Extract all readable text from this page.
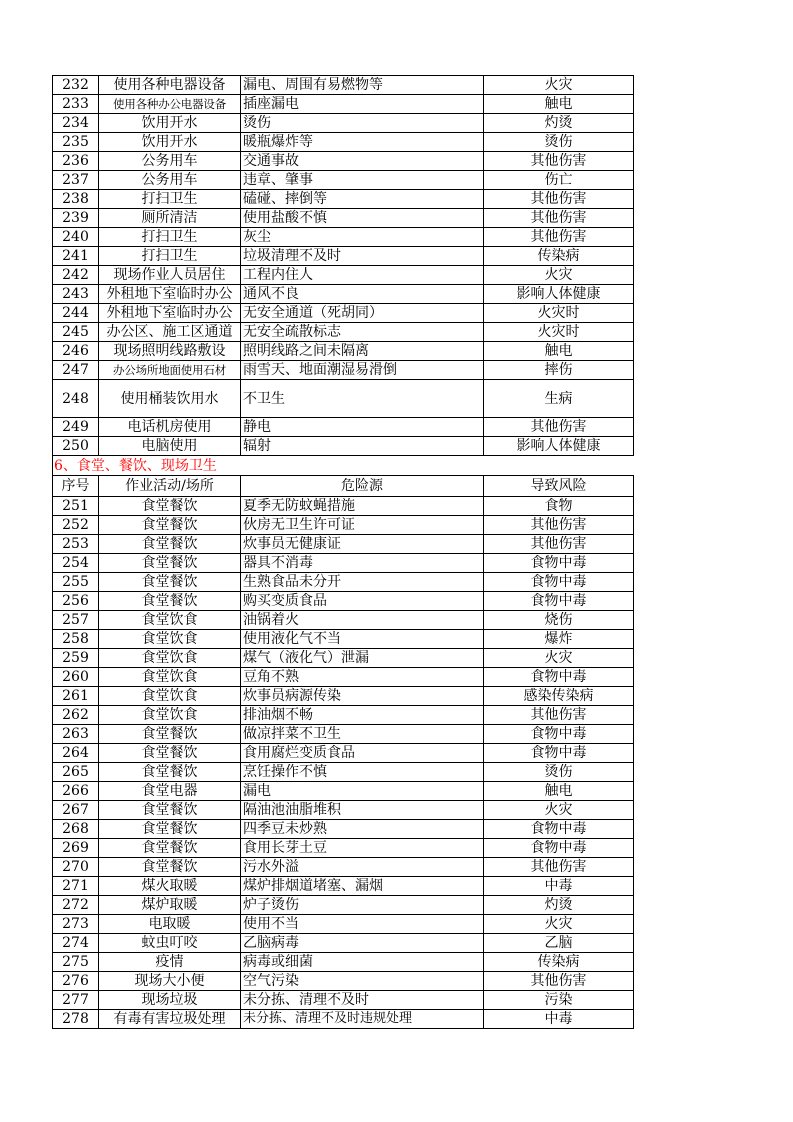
232	使用各种电器设备	漏电、周围有易燃物等	火灾
233	使用各种办公电器设备	插座漏电	触电
234	饮用开水	烫伤	灼烫
235	饮用开水	暖瓶爆炸等	烫伤
236	公务用车	交通事故	其他伤害
237	公务用车	违章、肇事	伤亡
238	打扫卫生	磕碰、摔倒等	其他伤害
239	厕所清洁	使用盐酸不慎	其他伤害
240	打扫卫生	灰尘	其他伤害
241	打扫卫生	垃圾清理不及时	传染病
242	现场作业人员居住	工程内住人	火灾
243	外租地下室临时办公	通风不良	影响人体健康
244	外租地下室临时办公	无安全通道（死胡同）	火灾时
245	办公区、施工区通道	无安全疏散标志	火灾时
246	现场照明线路敷设	照明线路之间未隔离	触电
247	办公场所地面使用石材	雨雪天、地面潮湿易滑倒	摔伤
248	使用桶装饮用水	不卫生	生病
249	电话机房使用	静电	其他伤害
250	电脑使用	辐射	影响人体健康
6、食堂、餐饮、现场卫生			
序号	作业活动/场所	危险源	导致风险
251	食堂餐饮	夏季无防蚊蝇措施	食物
252	食堂餐饮	伙房无卫生许可证	其他伤害
253	食堂餐饮	炊事员无健康证	其他伤害
254	食堂餐饮	器具不消毒	食物中毒
255	食堂餐饮	生熟食品未分开	食物中毒
256	食堂餐饮	购买变质食品	食物中毒
257	食堂饮食	油锅着火	烧伤
258	食堂饮食	使用液化气不当	爆炸
259	食堂饮食	煤气（液化气）泄漏	火灾
260	食堂饮食	豆角不熟	食物中毒
261	食堂饮食	炊事员病源传染	感染传染病
262	食堂饮食	排油烟不畅	其他伤害
263	食堂餐饮	做凉拌菜不卫生	食物中毒
264	食堂餐饮	食用腐烂变质食品	食物中毒
265	食堂餐饮	烹饪操作不慎	烫伤
266	食堂电器	漏电	触电
267	食堂餐饮	隔油池油脂堆积	火灾
268	食堂餐饮	四季豆未炒熟	食物中毒
269	食堂餐饮	食用长芽土豆	食物中毒
270	食堂餐饮	污水外溢	其他伤害
271	煤火取暖	煤炉排烟道堵塞、漏烟	中毒
272	煤炉取暖	炉子烫伤	灼烫
273	电取暖	使用不当	火灾
274	蚊虫叮咬	乙脑病毒	乙脑
275	疫情	病毒或细菌	传染病
276	现场大小便	空气污染	其他伤害
277	现场垃圾	未分拣、清理不及时	污染
278	有毒有害垃圾处理	未分拣、清理不及时违规处理	中毒
